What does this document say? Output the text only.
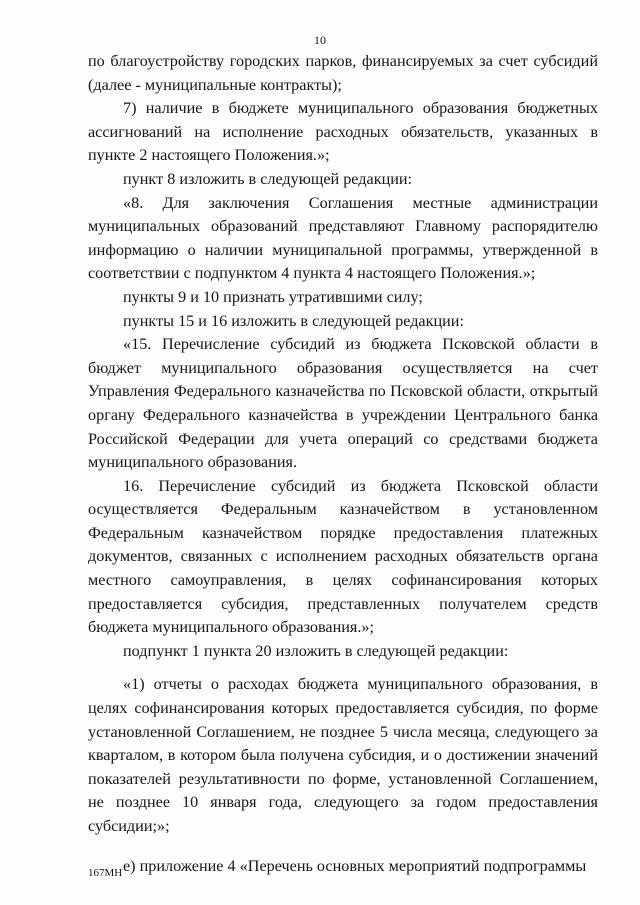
10

по благоустройству городских парков, финансируемых за счет субсидий (далее - муниципальные контракты);

7) наличие в бюджете муниципального образования бюджетных ассигнований на исполнение расходных обязательств, указанных в пункте 2 настоящего Положения.»;

пункт 8 изложить в следующей редакции:

«8. Для заключения Соглашения местные администрации муниципальных образований представляют Главному распорядителю информацию о наличии муниципальной программы, утвержденной в соответствии с подпунктом 4 пункта 4 настоящего Положения.»;

пункты 9 и 10 признать утратившими силу;

пункты 15 и 16 изложить в следующей редакции:

«15. Перечисление субсидий из бюджета Псковской области в бюджет муниципального образования осуществляется на счет Управления Федерального казначейства по Псковской области, открытый органу Федерального казначейства в учреждении Центрального банка Российской Федерации для учета операций со средствами бюджета муниципального образования.

16. Перечисление субсидий из бюджета Псковской области осуществляется Федеральным казначейством в установленном Федеральным казначейством порядке предоставления платежных документов, связанных с исполнением расходных обязательств органа местного самоуправления, в целях софинансирования которых предоставляется субсидия, представленных получателем средств бюджета муниципального образования.»;

подпункт 1 пункта 20 изложить в следующей редакции:

«1) отчеты о расходах бюджета муниципального образования, в целях софинансирования которых предоставляется субсидия, по форме установленной Соглашением, не позднее 5 числа месяца, следующего за кварталом, в котором была получена субсидия, и о достижении значений показателей результативности по форме, установленной Соглашением, не позднее 10 января года, следующего за годом предоставления субсидии;»;

е) приложение 4 «Перечень основных мероприятий подпрограммы

167МН
